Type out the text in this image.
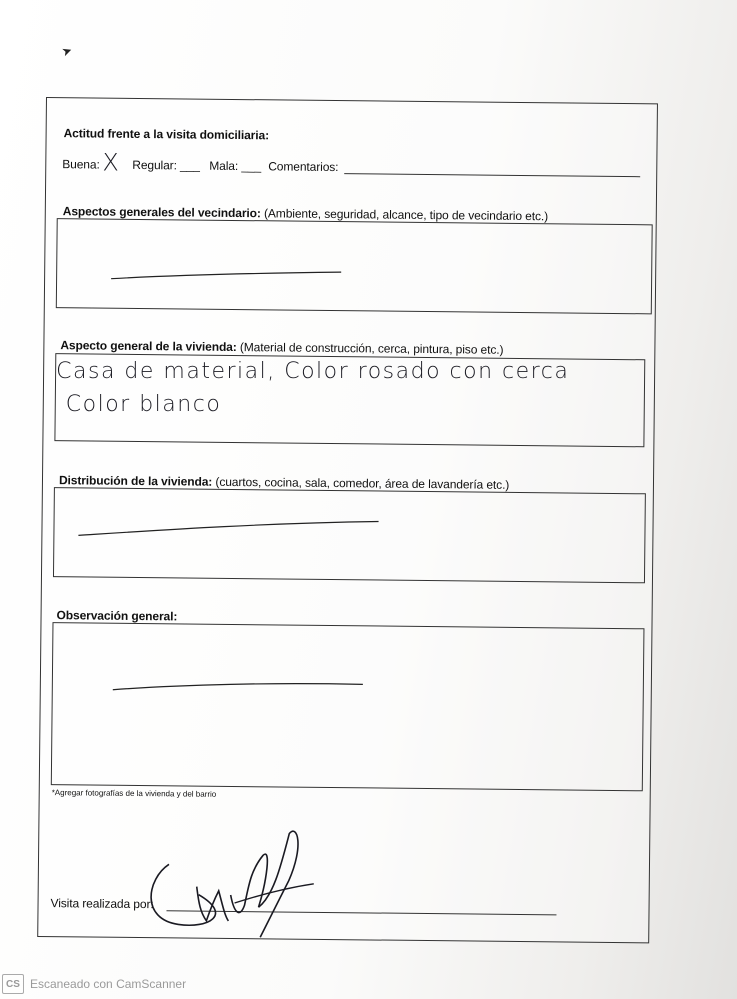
➤
Actitud frente a la visita domiciliaria:
Buena: X Regular: ___ Mala: ___ Comentarios:
Aspectos generales del vecindario: (Ambiente, seguridad, alcance, tipo de vecindario etc.)
Aspecto general de la vivienda: (Material de construcción, cerca, pintura, piso etc.)
Casa de material, Color rosado con cerca
Color blanco
Distribución de la vivienda: (cuartos, cocina, sala, comedor, área de lavandería etc.)
Observación general:
*Agregar fotografías de la vivienda y del barrio
Visita realizada por:
CS Escaneado con CamScanner
